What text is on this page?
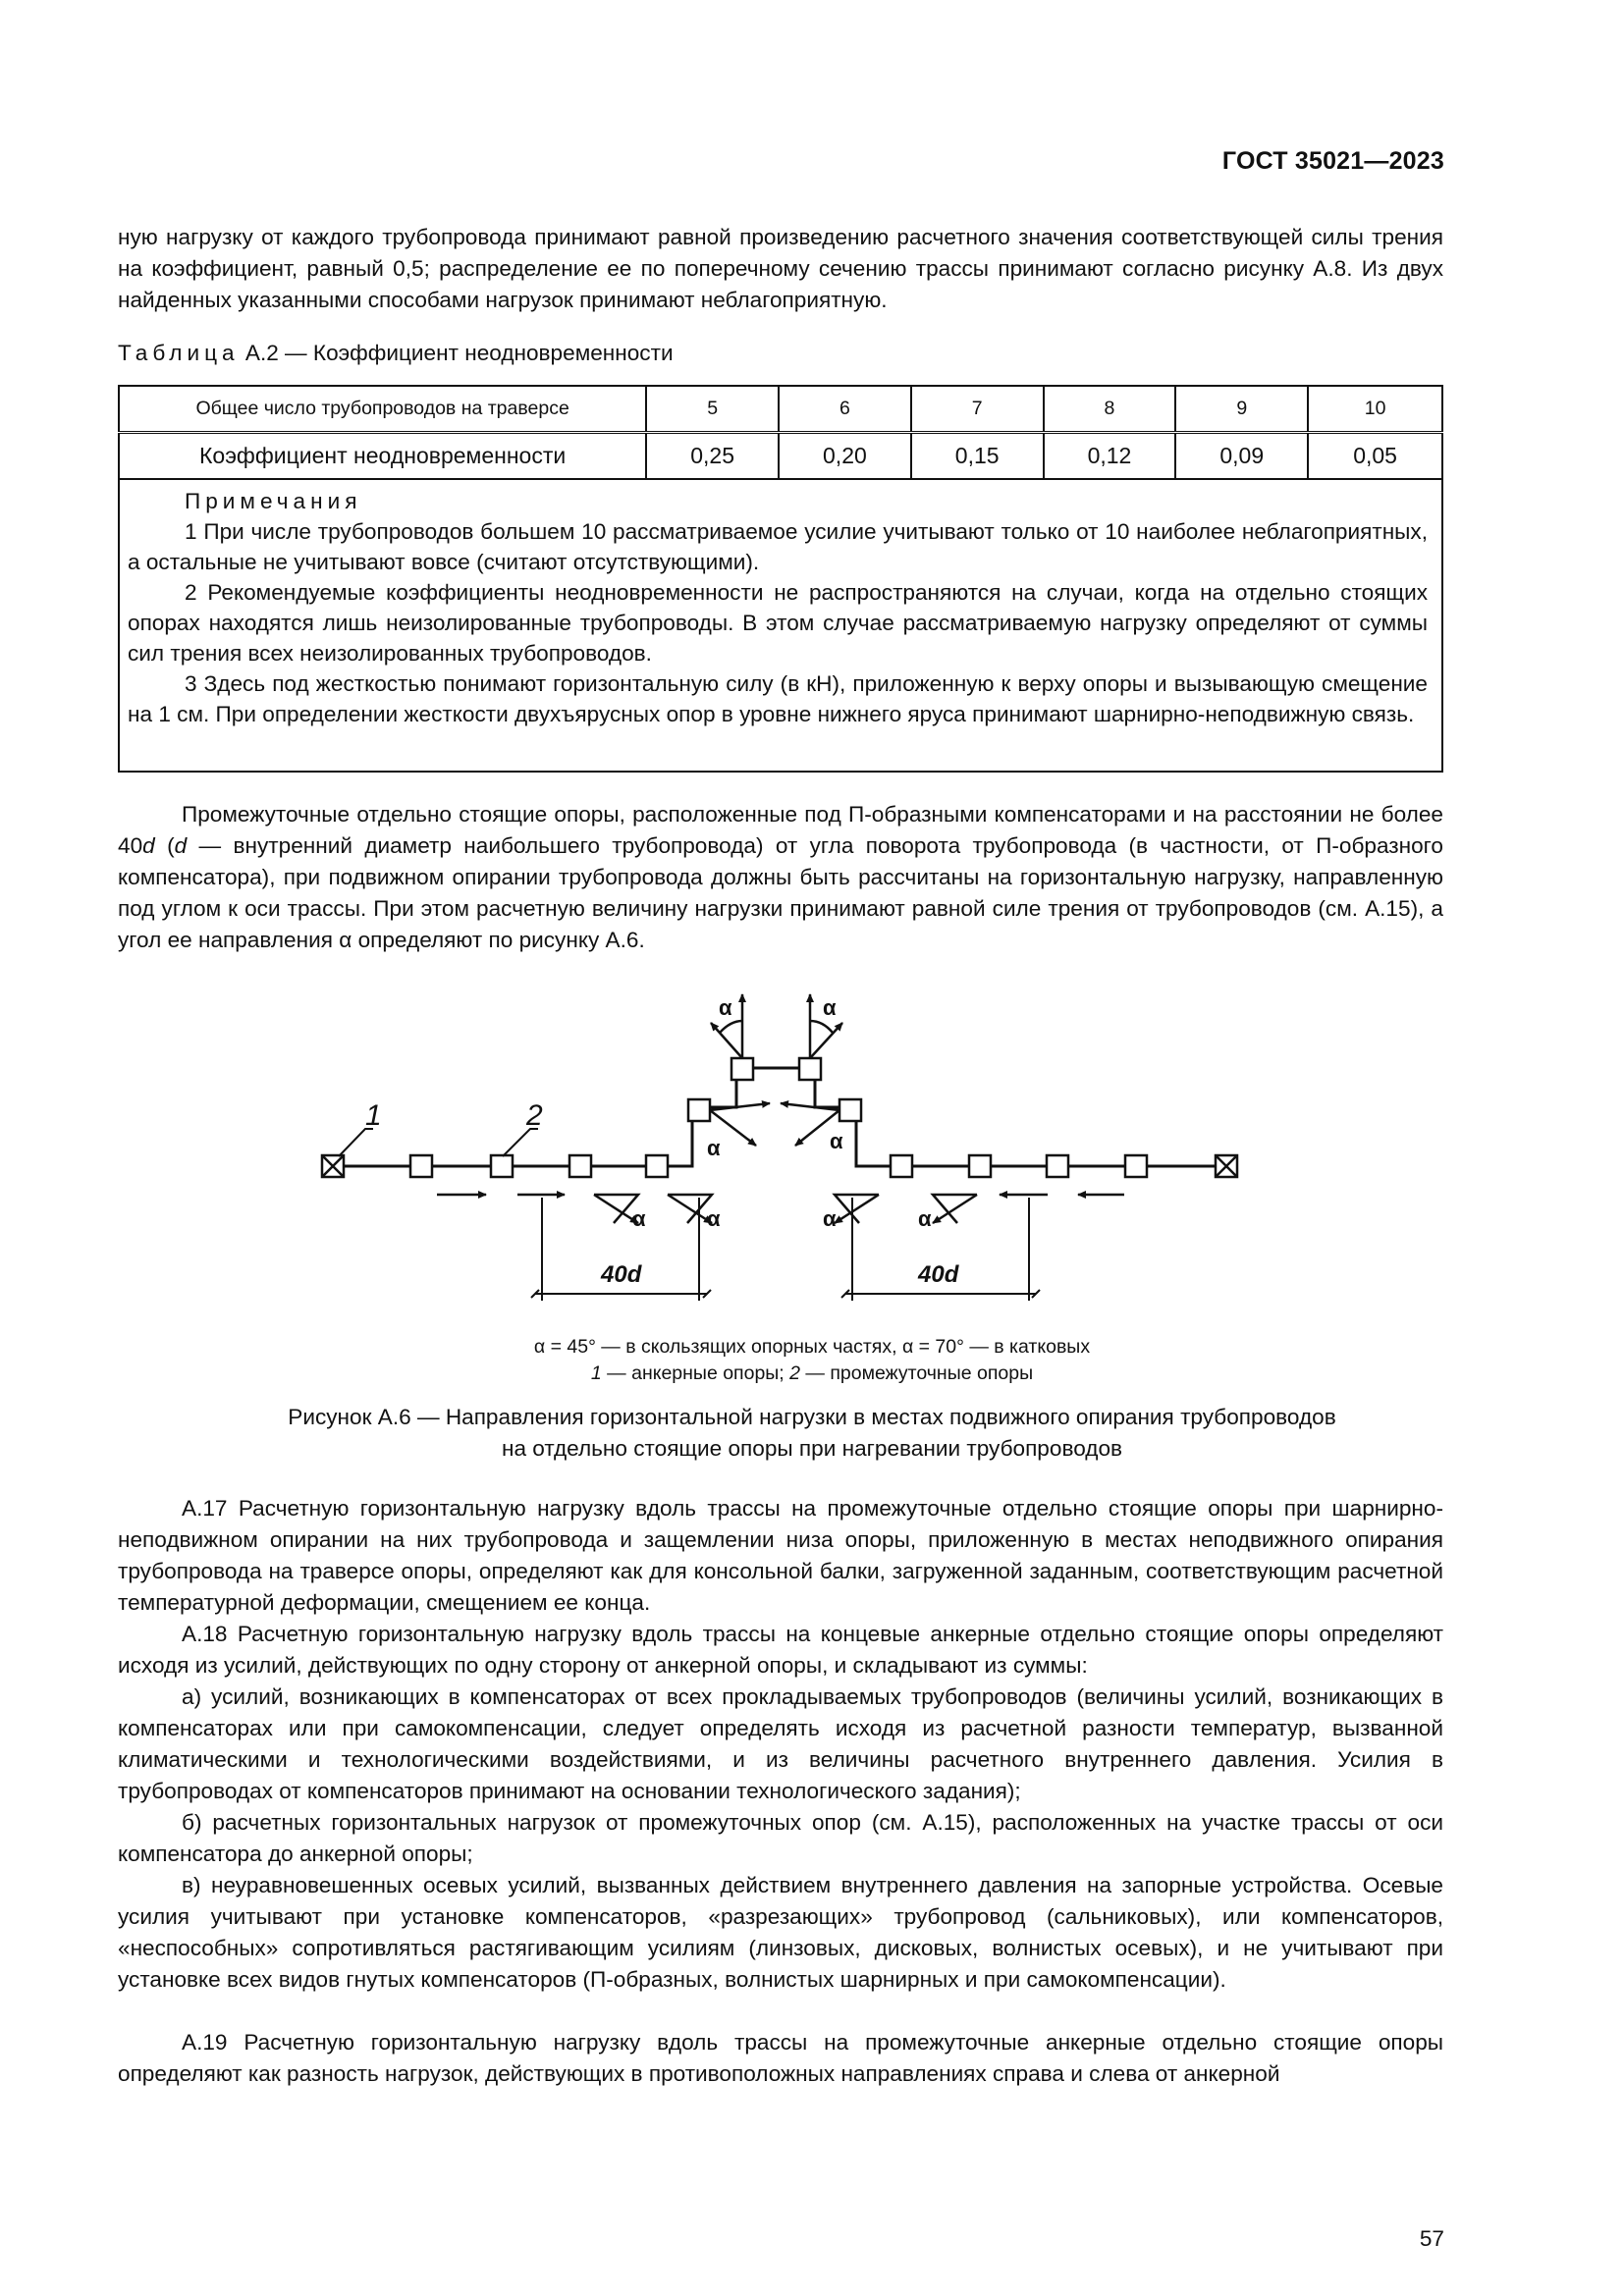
ГОСТ 35021—2023

ную нагрузку от каждого трубопровода принимают равной произведению расчетного значения соответствующей силы трения на коэффициент, равный 0,5; распределение ее по поперечному сечению трассы принимают согласно рисунку А.8. Из двух найденных указанными способами нагрузок принимают неблагоприятную.

Таблица А.2 — Коэффициент неодновременности
Общее число трубопроводов на траверсе	5	6	7	8	9	10
Коэффициент неодновременности	0,25	0,20	0,15	0,12	0,09	0,05

Примечания

1 При числе трубопроводов большем 10 рассматриваемое усилие учитывают только от 10 наиболее неблагоприятных, а остальные не учитывают вовсе (считают отсутствующими).

2 Рекомендуемые коэффициенты неодновременности не распространяются на случаи, когда на отдельно стоящих опорах находятся лишь неизолированные трубопроводы. В этом случае рассматриваемую нагрузку определяют от суммы сил трения всех неизолированных трубопроводов.

3 Здесь под жесткостью понимают горизонтальную силу (в кН), приложенную к верху опоры и вызывающую смещение на 1 см. При определении жесткости двухъярусных опор в уровне нижнего яруса принимают шарнирно-неподвижную связь.						

Промежуточные отдельно стоящие опоры, расположенные под П-образными компенсаторами и на расстоянии не более 40d (d — внутренний диаметр наибольшего трубопровода) от угла поворота трубопровода (в частности, от П-образного компенсатора), при подвижном опирании трубопровода должны быть рассчитаны на горизонтальную нагрузку, направленную под углом к оси трассы. При этом расчетную величину нагрузки принимают равной силе трения от трубопроводов (см. А.15), а угол ее направления α определяют по рисунку А.6.

1	2
α	α
α	α
α	α	α	α
40d	40d
α = 45° — в скользящих опорных частях, α = 70° — в катковых
1 — анкерные опоры; 2 — промежуточные опоры
Рисунок А.6 — Направления горизонтальной нагрузки в местах подвижного опирания трубопроводов
на отдельно стоящие опоры при нагревании трубопроводов

А.17 Расчетную горизонтальную нагрузку вдоль трассы на промежуточные отдельно стоящие опоры при шарнирно-неподвижном опирании на них трубопровода и защемлении низа опоры, приложенную в местах неподвижного опирания трубопровода на траверсе опоры, определяют как для консольной балки, загруженной заданным, соответствующим расчетной температурной деформации, смещением ее конца.

А.18 Расчетную горизонтальную нагрузку вдоль трассы на концевые анкерные отдельно стоящие опоры определяют исходя из усилий, действующих по одну сторону от анкерной опоры, и складывают из суммы:

а) усилий, возникающих в компенсаторах от всех прокладываемых трубопроводов (величины усилий, возникающих в компенсаторах или при самокомпенсации, следует определять исходя из расчетной разности температур, вызванной климатическими и технологическими воздействиями, и из величины расчетного внутреннего давления. Усилия в трубопроводах от компенсаторов принимают на основании технологического задания);

б) расчетных горизонтальных нагрузок от промежуточных опор (см. А.15), расположенных на участке трассы от оси компенсатора до анкерной опоры;

в) неуравновешенных осевых усилий, вызванных действием внутреннего давления на запорные устройства. Осевые усилия учитывают при установке компенсаторов, «разрезающих» трубопровод (сальниковых), или компенсаторов, «неспособных» сопротивляться растягивающим усилиям (линзовых, дисковых, волнистых осевых), и не учитывают при установке всех видов гнутых компенсаторов (П-образных, волнистых шарнирных и при самокомпенсации).

А.19 Расчетную горизонтальную нагрузку вдоль трассы на промежуточные анкерные отдельно стоящие опоры определяют как разность нагрузок, действующих в противоположных направлениях справа и слева от анкерной

57
